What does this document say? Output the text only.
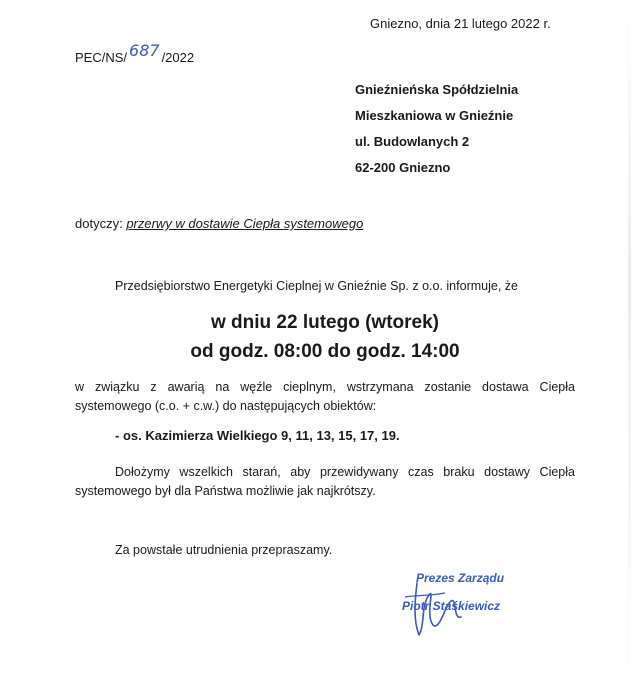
Gniezno, dnia 21 lutego 2022 r.
PEC/NS/ 687 /2022
Gnieźnieńska Spółdzielnia
Mieszkaniowa w Gnieźnie
ul. Budowlanych 2
62-200 Gniezno
dotyczy: przerwy w dostawie Ciepła systemowego
Przedsiębiorstwo Energetyki Cieplnej w Gnieźnie Sp. z o.o. informuje, że
w dniu 22 lutego (wtorek)
od godz. 08:00 do godz. 14:00
w związku z awarią na węźle cieplnym, wstrzymana zostanie dostawa Ciepła systemowego (c.o. + c.w.) do następujących obiektów:
- os. Kazimierza Wielkiego 9, 11, 13, 15, 17, 19.
Dołożymy wszelkich starań, aby przewidywany czas braku dostawy Ciepła systemowego był dla Państwa możliwie jak najkrótszy.
Za powstałe utrudnienia przepraszamy.
Prezes Zarządu
Piotr Staśkiewicz
